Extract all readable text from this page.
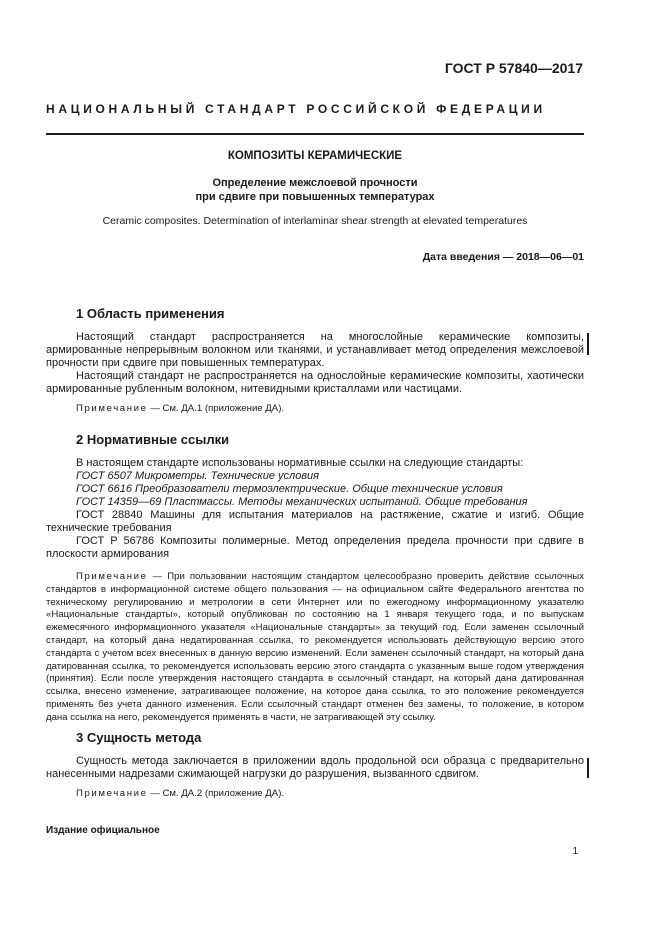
ГОСТ Р 57840—2017
НАЦИОНАЛЬНЫЙ СТАНДАРТ РОССИЙСКОЙ ФЕДЕРАЦИИ
КОМПОЗИТЫ КЕРАМИЧЕСКИЕ
Определение межслоевой прочности
при сдвиге при повышенных температурах
Ceramic composites. Determination of interlaminar shear strength at elevated temperatures
Дата введения — 2018—06—01
1 Область применения

Настоящий стандарт распространяется на многослойные керамические композиты, армированные непрерывным волокном или тканями, и устанавливает метод определения межслоевой прочности при сдвиге при повышенных температурах.

Настоящий стандарт не распространяется на однослойные керамические композиты, хаотически армированные рубленным волокном, нитевидными кристаллами или частицами.

Примечание — См. ДА.1 (приложение ДА).
2 Нормативные ссылки

В настоящем стандарте использованы нормативные ссылки на следующие стандарты:

ГОСТ 6507 Микрометры. Технические условия

ГОСТ 6616 Преобразователи термоэлектрические. Общие технические условия

ГОСТ 14359—69 Пластмассы. Методы механических испытаний. Общие требования

ГОСТ 28840 Машины для испытания материалов на растяжение, сжатие и изгиб. Общие технические требования

ГОСТ Р 56786 Композиты полимерные. Метод определения предела прочности при сдвиге в плоскости армирования

Примечание — При пользовании настоящим стандартом целесообразно проверить действие ссылочных стандартов в информационной системе общего пользования — на официальном сайте Федерального агентства по техническому регулированию и метрологии в сети Интернет или по ежегодному информационному указателю «Национальные стандарты», который опубликован по состоянию на 1 января текущего года, и по выпускам ежемесячного информационного указателя «Национальные стандарты» за текущий год. Если заменен ссылочный стандарт, на который дана недатированная ссылка, то рекомендуется использовать действующую версию этого стандарта с учетом всех внесенных в данную версию изменений. Если заменен ссылочный стандарт, на который дана датированная ссылка, то рекомендуется использовать версию этого стандарта с указанным выше годом утверждения (принятия). Если после утверждения настоящего стандарта в ссылочный стандарт, на который дана датированная ссылка, внесено изменение, затрагивающее положение, на которое дана ссылка, то это положение рекомендуется применять без учета данного изменения. Если ссылочный стандарт отменен без замены, то положение, в котором дана ссылка на него, рекомендуется применять в части, не затрагивающей эту ссылку.
3 Сущность метода

Сущность метода заключается в приложении вдоль продольной оси образца с предварительно нанесенными надрезами сжимающей нагрузки до разрушения, вызванного сдвигом.

Примечание — См. ДА.2 (приложение ДА).
Издание официальное
1
